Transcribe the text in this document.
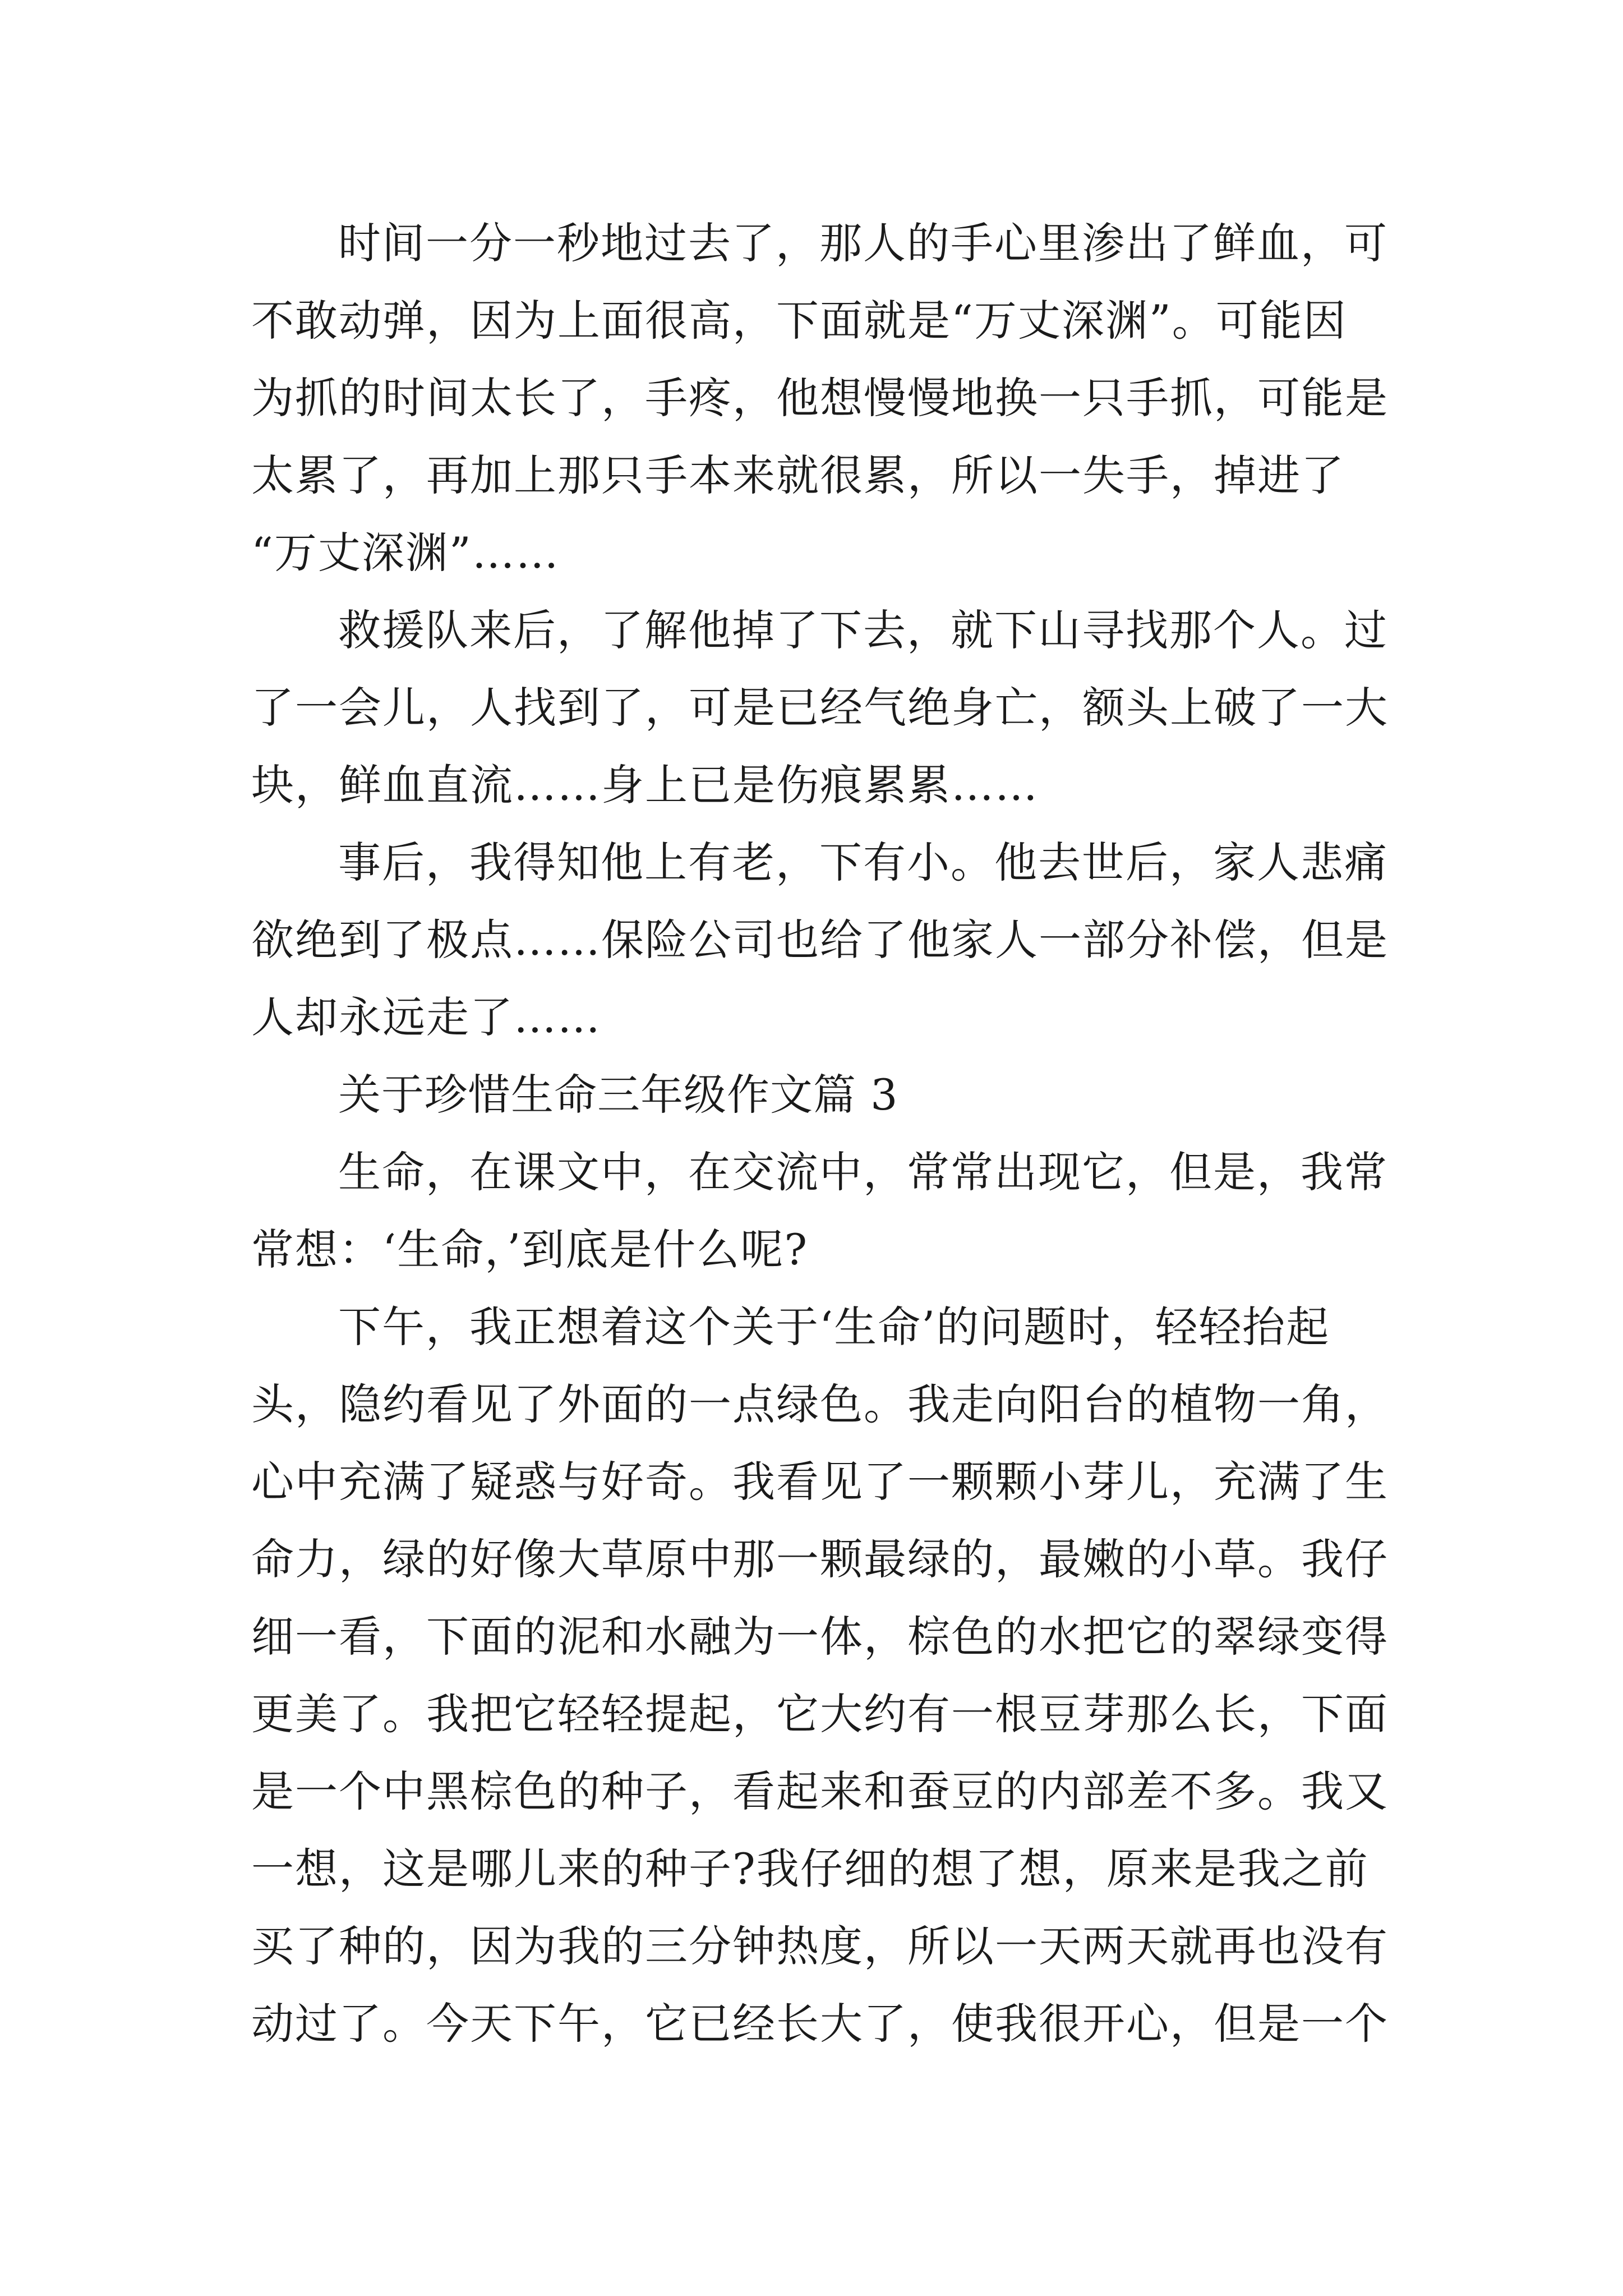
时间一分一秒地过去了，那人的手心里渗出了鲜血，可
不敢动弹，因为上面很高，下面就是“万丈深渊”。可能因
为抓的时间太长了，手疼，他想慢慢地换一只手抓，可能是
太累了，再加上那只手本来就很累，所以一失手，掉进了
“万丈深渊”……
救援队来后，了解他掉了下去，就下山寻找那个人。过
了一会儿，人找到了，可是已经气绝身亡，额头上破了一大
块，鲜血直流……身上已是伤痕累累……
事后，我得知他上有老，下有小。他去世后，家人悲痛
欲绝到了极点……保险公司也给了他家人一部分补偿，但是
人却永远走了……
关于珍惜生命三年级作文篇 3
生命，在课文中，在交流中，常常出现它，但是，我常
常想：‘生命，’到底是什么呢?
下午，我正想着这个关于‘生命’的问题时，轻轻抬起
头，隐约看见了外面的一点绿色。我走向阳台的植物一角，
心中充满了疑惑与好奇。我看见了一颗颗小芽儿，充满了生
命力，绿的好像大草原中那一颗最绿的，最嫩的小草。我仔
细一看，下面的泥和水融为一体，棕色的水把它的翠绿变得
更美了。我把它轻轻提起，它大约有一根豆芽那么长，下面
是一个中黑棕色的种子，看起来和蚕豆的内部差不多。我又
一想，这是哪儿来的种子?我仔细的想了想，原来是我之前
买了种的，因为我的三分钟热度，所以一天两天就再也没有
动过了。今天下午，它已经长大了，使我很开心，但是一个
